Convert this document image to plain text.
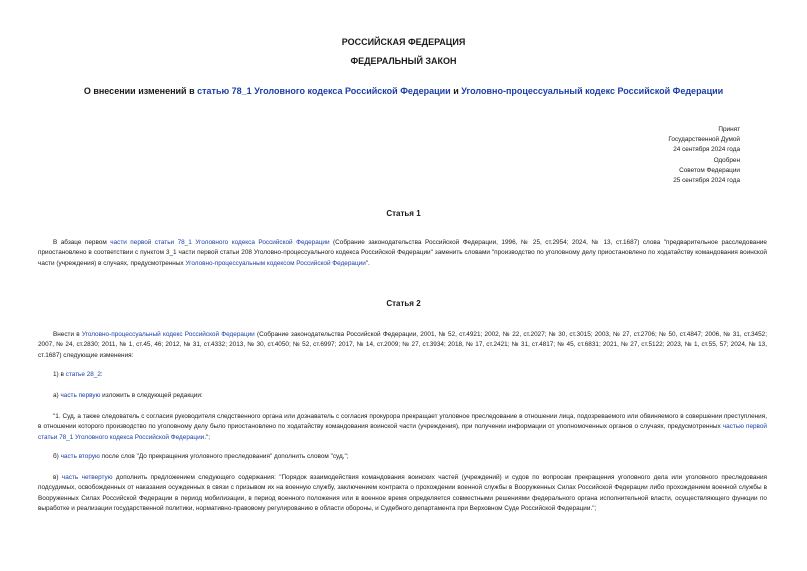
РОССИЙСКАЯ ФЕДЕРАЦИЯ
ФЕДЕРАЛЬНЫЙ ЗАКОН
О внесении изменений в статью 78_1 Уголовного кодекса Российской Федерации и Уголовно-процессуальный кодекс Российской Федерации
Принят
Государственной Думой
24 сентября 2024 года
Одобрен
Советом Федерации
25 сентября 2024 года
Статья 1
В абзаце первом части первой статьи 78_1 Уголовного кодекса Российской Федерации (Собрание законодательства Российской Федерации, 1996, № 25, ст.2954; 2024, № 13, ст.1687) слова "предварительное расследование приостановлено в соответствии с пунктом 3_1 части первой статьи 208 Уголовно-процессуального кодекса Российской Федерации" заменить словами "производство по уголовному делу приостановлено по ходатайству командования воинской части (учреждения) в случаях, предусмотренных Уголовно-процессуальным кодексом Российской Федерации".
Статья 2
Внести в Уголовно-процессуальный кодекс Российской Федерации (Собрание законодательства Российской Федерации, 2001, № 52, ст.4921; 2002, № 22, ст.2027; № 30, ст.3015; 2003, № 27, ст.2706; № 50, ст.4847; 2006, № 31, ст.3452; 2007, № 24, ст.2830; 2011, № 1, ст.45, 46; 2012, № 31, ст.4332; 2013, № 30, ст.4050; № 52, ст.6997; 2017, № 14, ст.2009; № 27, ст.3934; 2018, № 17, ст.2421; № 31, ст.4817; № 45, ст.6831; 2021, № 27, ст.5122; 2023, № 1, ст.55, 57; 2024, № 13, ст.1687) следующие изменения:
1) в статье 28_2:
а) часть первую изложить в следующей редакции:
"1. Суд, а также следователь с согласия руководителя следственного органа или дознаватель с согласия прокурора прекращает уголовное преследование в отношении лица, подозреваемого или обвиняемого в совершении преступления, в отношении которого производство по уголовному делу было приостановлено по ходатайству командования воинской части (учреждения), при получении информации от уполномоченных органов о случаях, предусмотренных частью первой статьи 78_1 Уголовного кодекса Российской Федерации.";
б) часть вторую после слов "До прекращения уголовного преследования" дополнить словом "суд,";
в) часть четвертую дополнить предложением следующего содержания: "Порядок взаимодействия командования воинских частей (учреждений) и судов по вопросам прекращения уголовного дела или уголовного преследования подсудимых, освобожденных от наказания осужденных в связи с призывом их на военную службу, заключением контракта о прохождении военной службы в Вооруженных Силах Российской Федерации либо прохождением военной службы в Вооруженных Силах Российской Федерации в период мобилизации, в период военного положения или в военное время определяется совместными решениями федерального органа исполнительной власти, осуществляющего функции по выработке и реализации государственной политики, нормативно-правовому регулированию в области обороны, и Судебного департамента при Верховном Суде Российской Федерации.";
